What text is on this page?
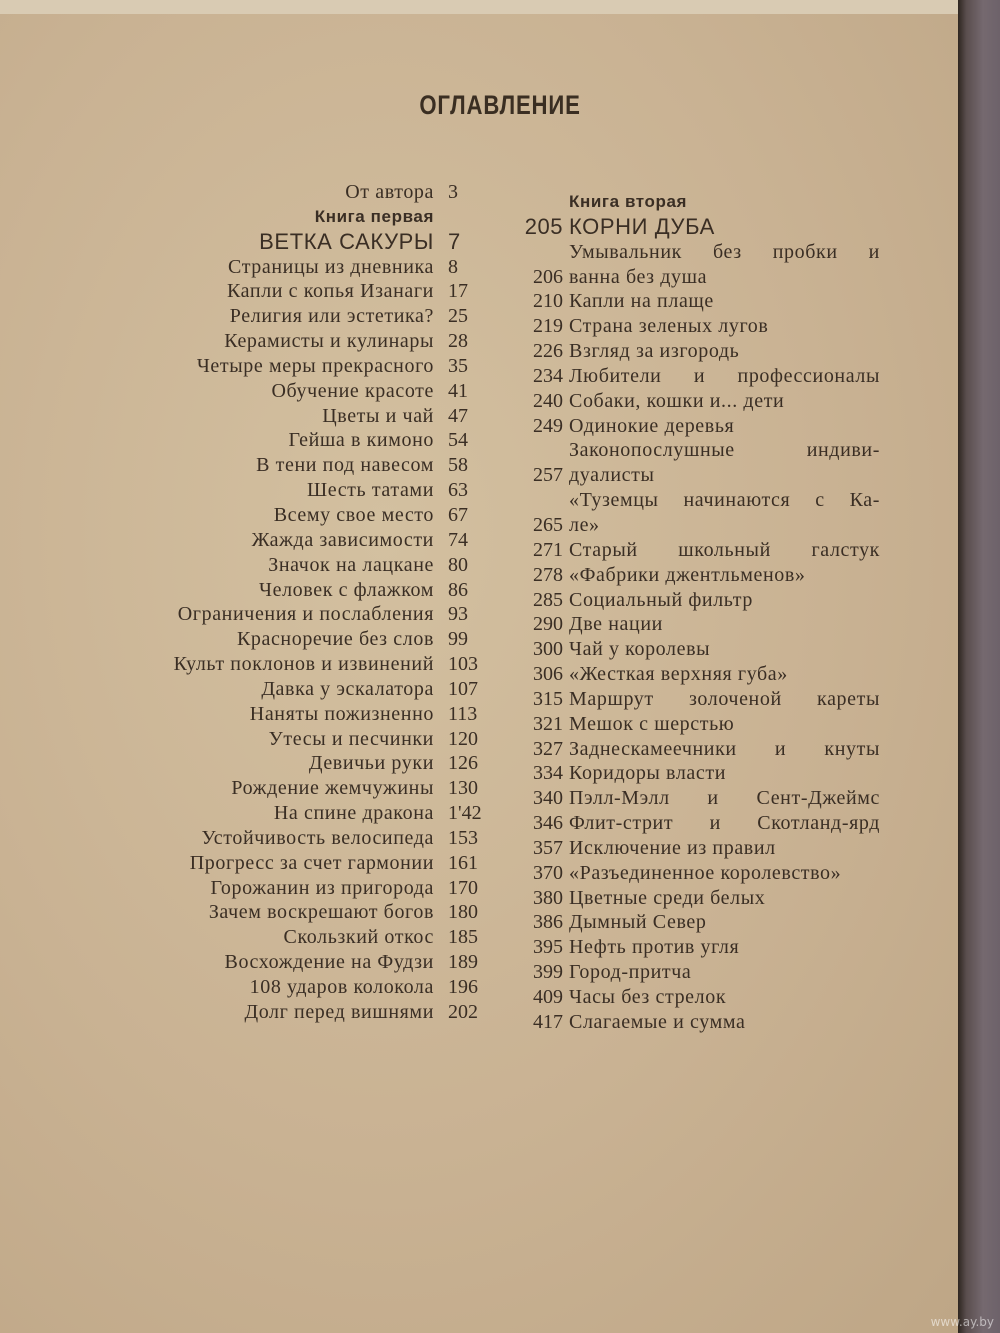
ОГЛАВЛЕНИЕ
От автора 3
Книга первая
ВЕТКА САКУРЫ 7
Страницы из дневника 8
Капли с копья Изанаги 17
Религия или эстетика? 25
Керамисты и кулинары 28
Четыре меры прекрасного 35
Обучение красоте 41
Цветы и чай 47
Гейша в кимоно 54
В тени под навесом 58
Шесть татами 63
Всему свое место 67
Жажда зависимости 74
Значок на лацкане 80
Человек с флажком 86
Ограничения и послабления 93
Красноречие без слов 99
Культ поклонов и извинений 103
Давка у эскалатора 107
Наняты пожизненно 113
Утесы и песчинки 120
Девичьи руки 126
Рождение жемчужины 130
На спине дракона 1'42
Устойчивость велосипеда 153
Прогресс за счет гармонии 161
Горожанин из пригорода 170
Зачем воскрешают богов 180
Скользкий откос 185
Восхождение на Фудзи 189
108 ударов колокола 196
Долг перед вишнями 202
Книга вторая
205 КОРНИ ДУБА
Умывальник без пробки и
206 ванна без душа
210 Капли на плаще
219 Страна зеленых лугов
226 Взгляд за изгородь
234 Любители и профессионалы
240 Собаки, кошки и... дети
249 Одинокие деревья
Законопослушные индиви-
257 дуалисты
«Туземцы начинаются с Ка-
265 ле»
271 Старый школьный галстук
278 «Фабрики джентльменов»
285 Социальный фильтр
290 Две нации
300 Чай у королевы
306 «Жесткая верхняя губа»
315 Маршрут золоченой кареты
321 Мешок с шерстью
327 Заднескамеечники и кнуты
334 Коридоры власти
340 Пэлл-Мэлл и Сент-Джеймс
346 Флит-стрит и Скотланд-ярд
357 Исключение из правил
370 «Разъединенное королевство»
380 Цветные среди белых
386 Дымный Север
395 Нефть против угля
399 Город-притча
409 Часы без стрелок
417 Слагаемые и сумма
www.ay.by
